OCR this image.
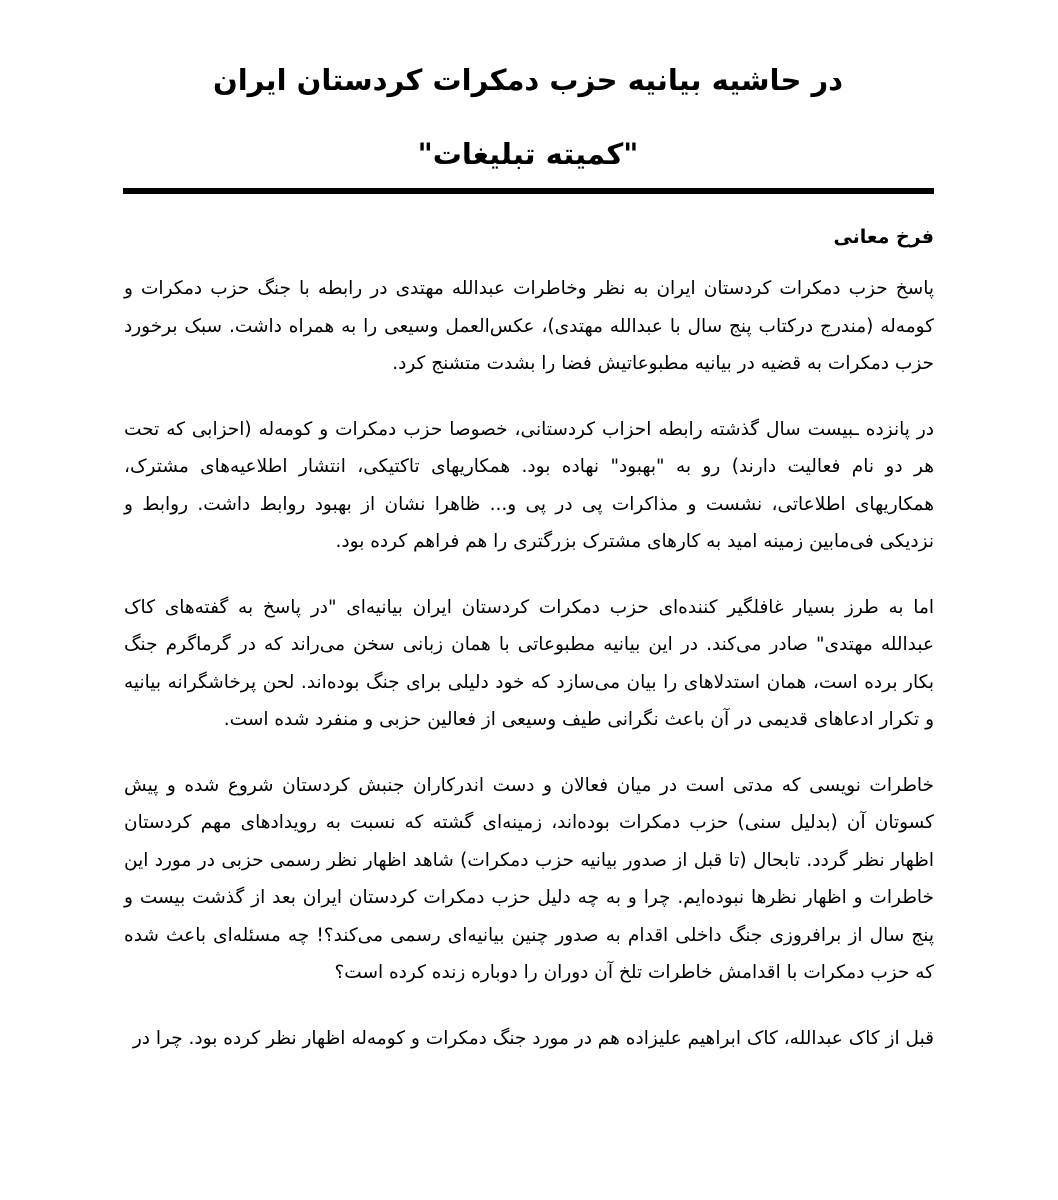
در حاشیه بیانیه حزب دمکرات کردستان ایران
"کمیته تبلیغات"

فرخ معانی

پاسخ حزب دمکرات کردستان ایران به نظر وخاطرات عبدالله مهتدی در رابطه با جنگ حزب دمکرات و کومه‌له (مندرج درکتاب پنج سال با عبدالله مهتدی)، عکس‌العمل وسیعی را به همراه داشت. سبک برخورد حزب دمکرات به قضیه در بیانیه مطبوعاتیش فضا را بشدت متشنج کرد.

در پانزده ـبیست سال گذشته رابطه احزاب کردستانی، خصوصا حزب دمکرات و کومه‌له (احزابی که تحت هر دو نام فعالیت دارند) رو به "بهبود" نهاده بود. همکاریهای تاکتیکی، انتشار اطلاعیه‌های مشترک، همکاریهای اطلاعاتی، نشست و مذاکرات پی در پی و... ظاهرا نشان از بهبود روابط داشت. روابط و نزدیکی فی‌مابین زمینه امید به کارهای مشترک بزرگتری را هم فراهم کرده بود.

اما به طرز بسیار غافلگیر کننده‌ای حزب دمکرات کردستان ایران بیانیه‌ای "در پاسخ به گفته‌های کاک عبدالله مهتدی" صادر می‌کند. در این بیانیه مطبوعاتی با همان زبانی سخن می‌راند که در گرماگرم جنگ بکار برده است، همان استدلاهای را بیان می‌سازد که خود دلیلی برای جنگ بوده‌اند. لحن پرخاشگرانه بیانیه و تکرار ادعاهای قدیمی در آن باعث نگرانی طیف وسیعی از فعالین حزبی و منفرد شده است.

خاطرات نویسی که مدتی است در میان فعالان و دست اندرکاران جنبش کردستان شروع شده و پیش کسوتان آن (بدلیل سنی) حزب دمکرات بوده‌اند، زمینه‌ای گشته که نسبت به رویدادهای مهم کردستان اظهار نظر گردد. تابحال (تا قبل از صدور بیانیه حزب دمکرات) شاهد اظهار نظر رسمی حزبی در مورد این خاطرات و اظهار نظرها نبوده‌ایم. چرا و به چه دلیل حزب دمکرات کردستان ایران بعد از گذشت بیست و پنج سال از برافروزی جنگ داخلی اقدام به صدور چنین بیانیه‌ای رسمی می‌کند؟! چه مسئله‌ای باعث شده که حزب دمکرات با اقدامش خاطرات تلخ آن دوران را دوباره زنده کرده است؟

قبل از کاک عبدالله، کاک ابراهیم علیزاده هم در مورد جنگ دمکرات و کومه‌له اظهار نظر کرده بود. چرا در
